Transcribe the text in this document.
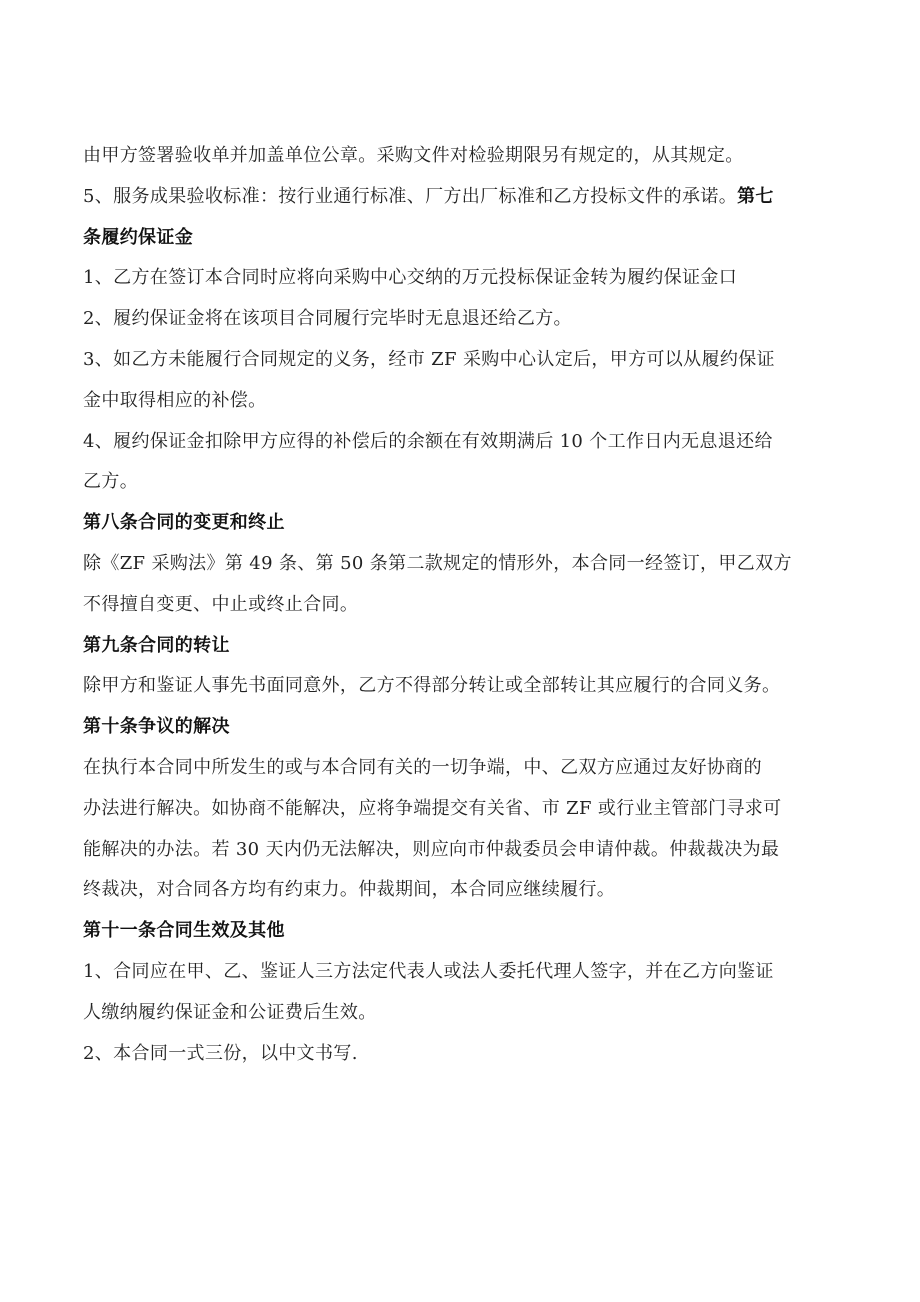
由甲方签署验收单并加盖单位公章。采购文件对检验期限另有规定的，从其规定。
5、服务成果验收标准：按行业通行标准、厂方出厂标准和乙方投标文件的承诺。第七
条履约保证金
1、乙方在签订本合同时应将向采购中心交纳的万元投标保证金转为履约保证金口
2、履约保证金将在该项目合同履行完毕时无息退还给乙方。
3、如乙方未能履行合同规定的义务，经市 ZF 采购中心认定后，甲方可以从履约保证
金中取得相应的补偿。
4、履约保证金扣除甲方应得的补偿后的余额在有效期满后 10 个工作日内无息退还给
乙方。
第八条合同的变更和终止
除《ZF 采购法》第 49 条、第 50 条第二款规定的情形外，本合同一经签订，甲乙双方
不得擅自变更、中止或终止合同。
第九条合同的转让
除甲方和鉴证人事先书面同意外，乙方不得部分转让或全部转让其应履行的合同义务。
第十条争议的解决
在执行本合同中所发生的或与本合同有关的一切争端，中、乙双方应通过友好协商的
办法进行解决。如协商不能解决，应将争端提交有关省、市 ZF 或行业主管部门寻求可
能解决的办法。若 30 天内仍无法解决，则应向市仲裁委员会申请仲裁。仲裁裁决为最
终裁决，对合同各方均有约束力。仲裁期间，本合同应继续履行。
第十一条合同生效及其他
1、合同应在甲、乙、鉴证人三方法定代表人或法人委托代理人签字，并在乙方向鉴证
人缴纳履约保证金和公证费后生效。
2、本合同一式三份，以中文书写.
